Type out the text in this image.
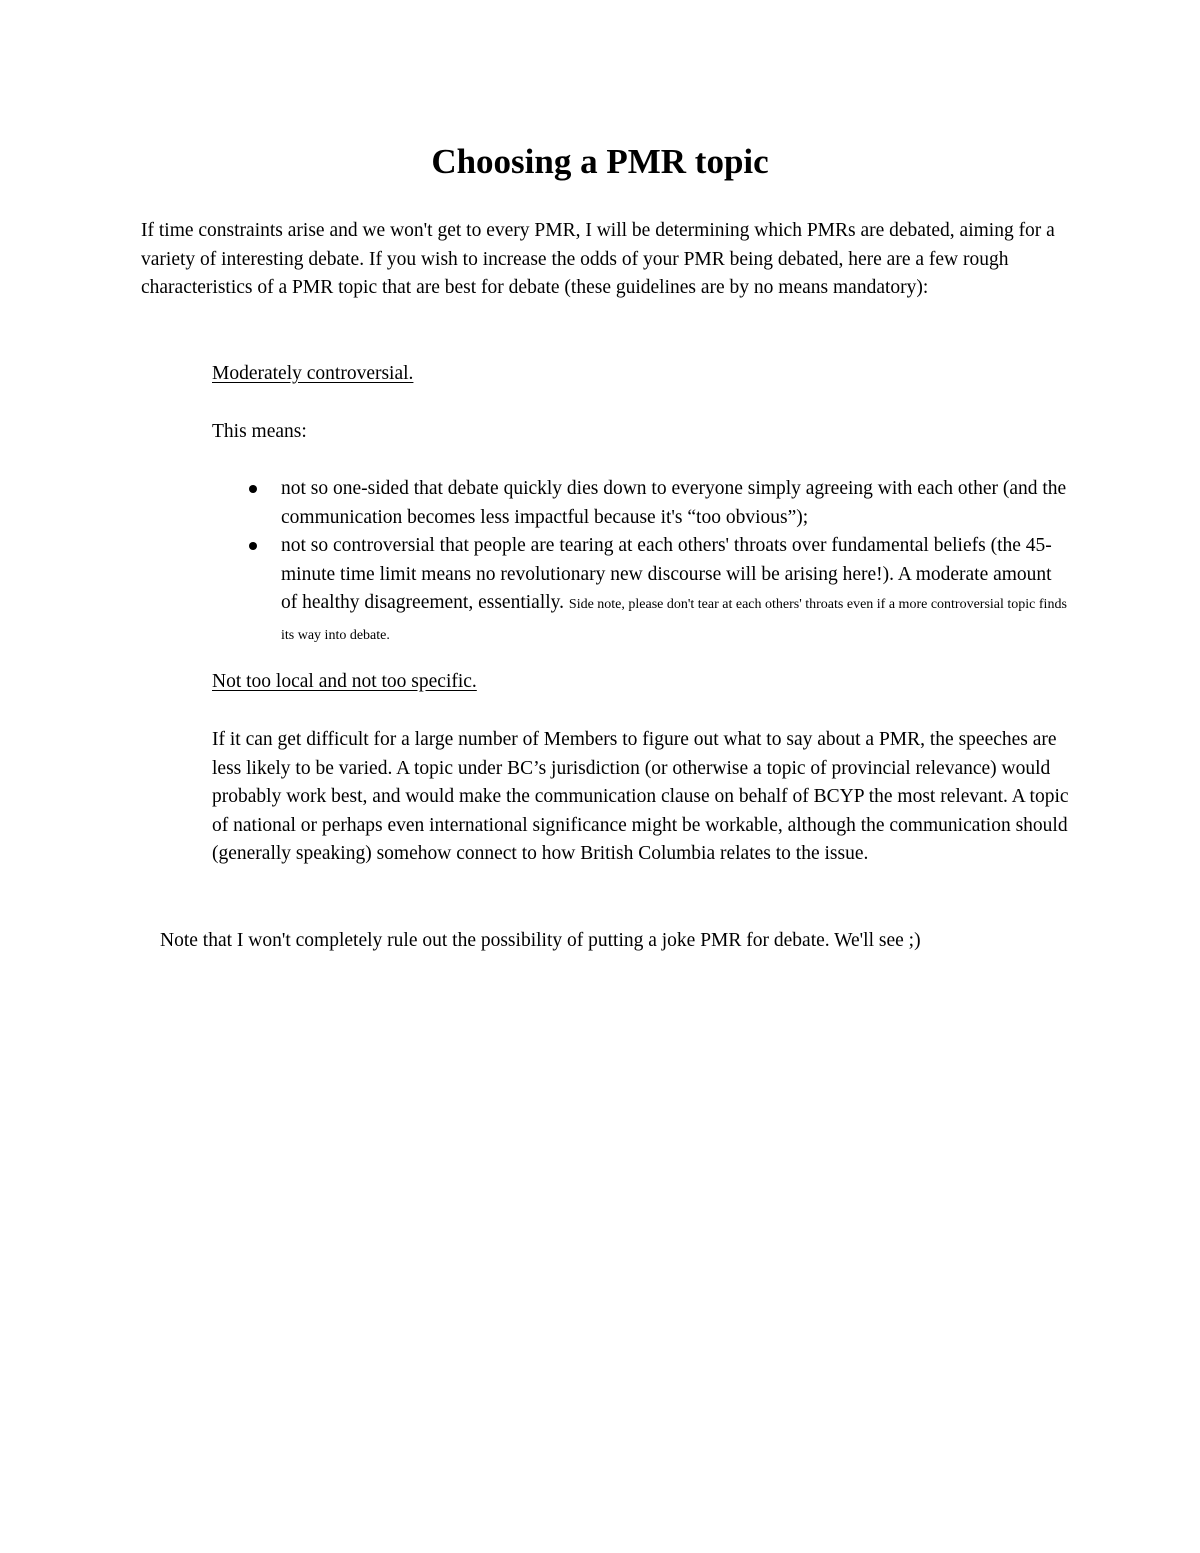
Choosing a PMR topic

If time constraints arise and we won't get to every PMR, I will be determining which PMRs are debated, aiming for a variety of interesting debate. If you wish to increase the odds of your PMR being debated, here are a few rough characteristics of a PMR topic that are best for debate (these guidelines are by no means mandatory):

Moderately controversial.

This means:

not so one-sided that debate quickly dies down to everyone simply agreeing with each other (and the communication becomes less impactful because it's “too obvious”);
not so controversial that people are tearing at each others' throats over fundamental beliefs (the 45-minute time limit means no revolutionary new discourse will be arising here!). A moderate amount of healthy disagreement, essentially. Side note, please don't tear at each others' throats even if a more controversial topic finds its way into debate.

Not too local and not too specific.

If it can get difficult for a large number of Members to figure out what to say about a PMR, the speeches are less likely to be varied. A topic under BC’s jurisdiction (or otherwise a topic of provincial relevance) would probably work best, and would make the communication clause on behalf of BCYP the most relevant. A topic of national or perhaps even international significance might be workable, although the communication should (generally speaking) somehow connect to how British Columbia relates to the issue.

Note that I won't completely rule out the possibility of putting a joke PMR for debate. We'll see ;)
